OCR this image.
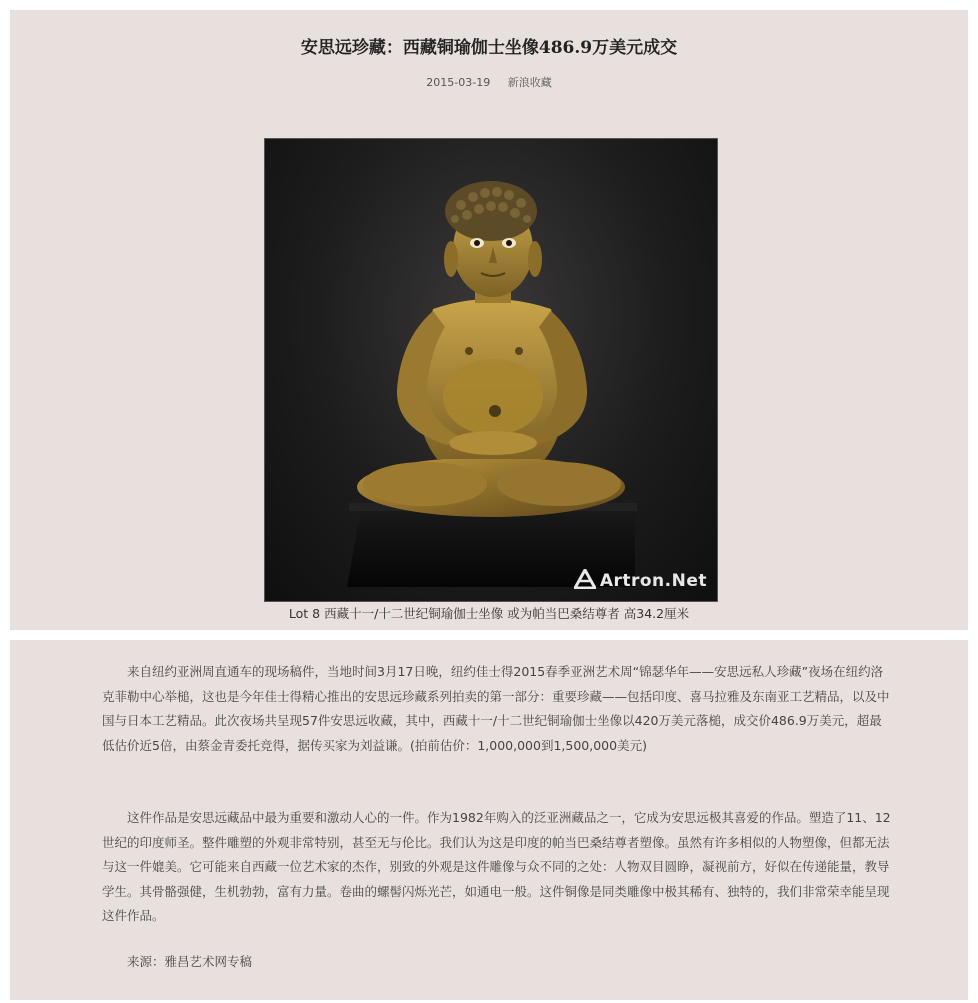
安思远珍藏：西藏铜瑜伽士坐像486.9万美元成交
2015-03-19 新浪收藏
Artron.Net
Lot 8 西藏十一/十二世纪铜瑜伽士坐像 或为帕当巴桑结尊者 高34.2厘米

来自纽约亚洲周直通车的现场稿件，当地时间3月17日晚，纽约佳士得2015春季亚洲艺术周“锦瑟华年——安思远私人珍藏”夜场在纽约洛克菲勒中心举槌，这也是今年佳士得精心推出的安思远珍藏系列拍卖的第一部分：重要珍藏——包括印度、喜马拉雅及东南亚工艺精品，以及中国与日本工艺精品。此次夜场共呈现57件安思远收藏，其中，西藏十一/十二世纪铜瑜伽士坐像以420万美元落槌，成交价486.9万美元，超最低估价近5倍，由蔡金青委托竞得，据传买家为刘益谦。(拍前估价：1,000,000到1,500,000美元)

这件作品是安思远藏品中最为重要和激动人心的一件。作为1982年购入的泛亚洲藏品之一，它成为安思远极其喜爱的作品。塑造了11、12世纪的印度师圣。整件雕塑的外观非常特别，甚至无与伦比。我们认为这是印度的帕当巴桑结尊者塑像。虽然有许多相似的人物塑像，但都无法与这一件媲美。它可能来自西藏一位艺术家的杰作，别致的外观是这件雕像与众不同的之处：人物双目圆睁，凝视前方，好似在传递能量，教导学生。其骨骼强健，生机勃勃，富有力量。卷曲的螺髻闪烁光芒，如通电一般。这件铜像是同类雕像中极其稀有、独特的，我们非常荣幸能呈现这件作品。

来源：雅昌艺术网专稿
